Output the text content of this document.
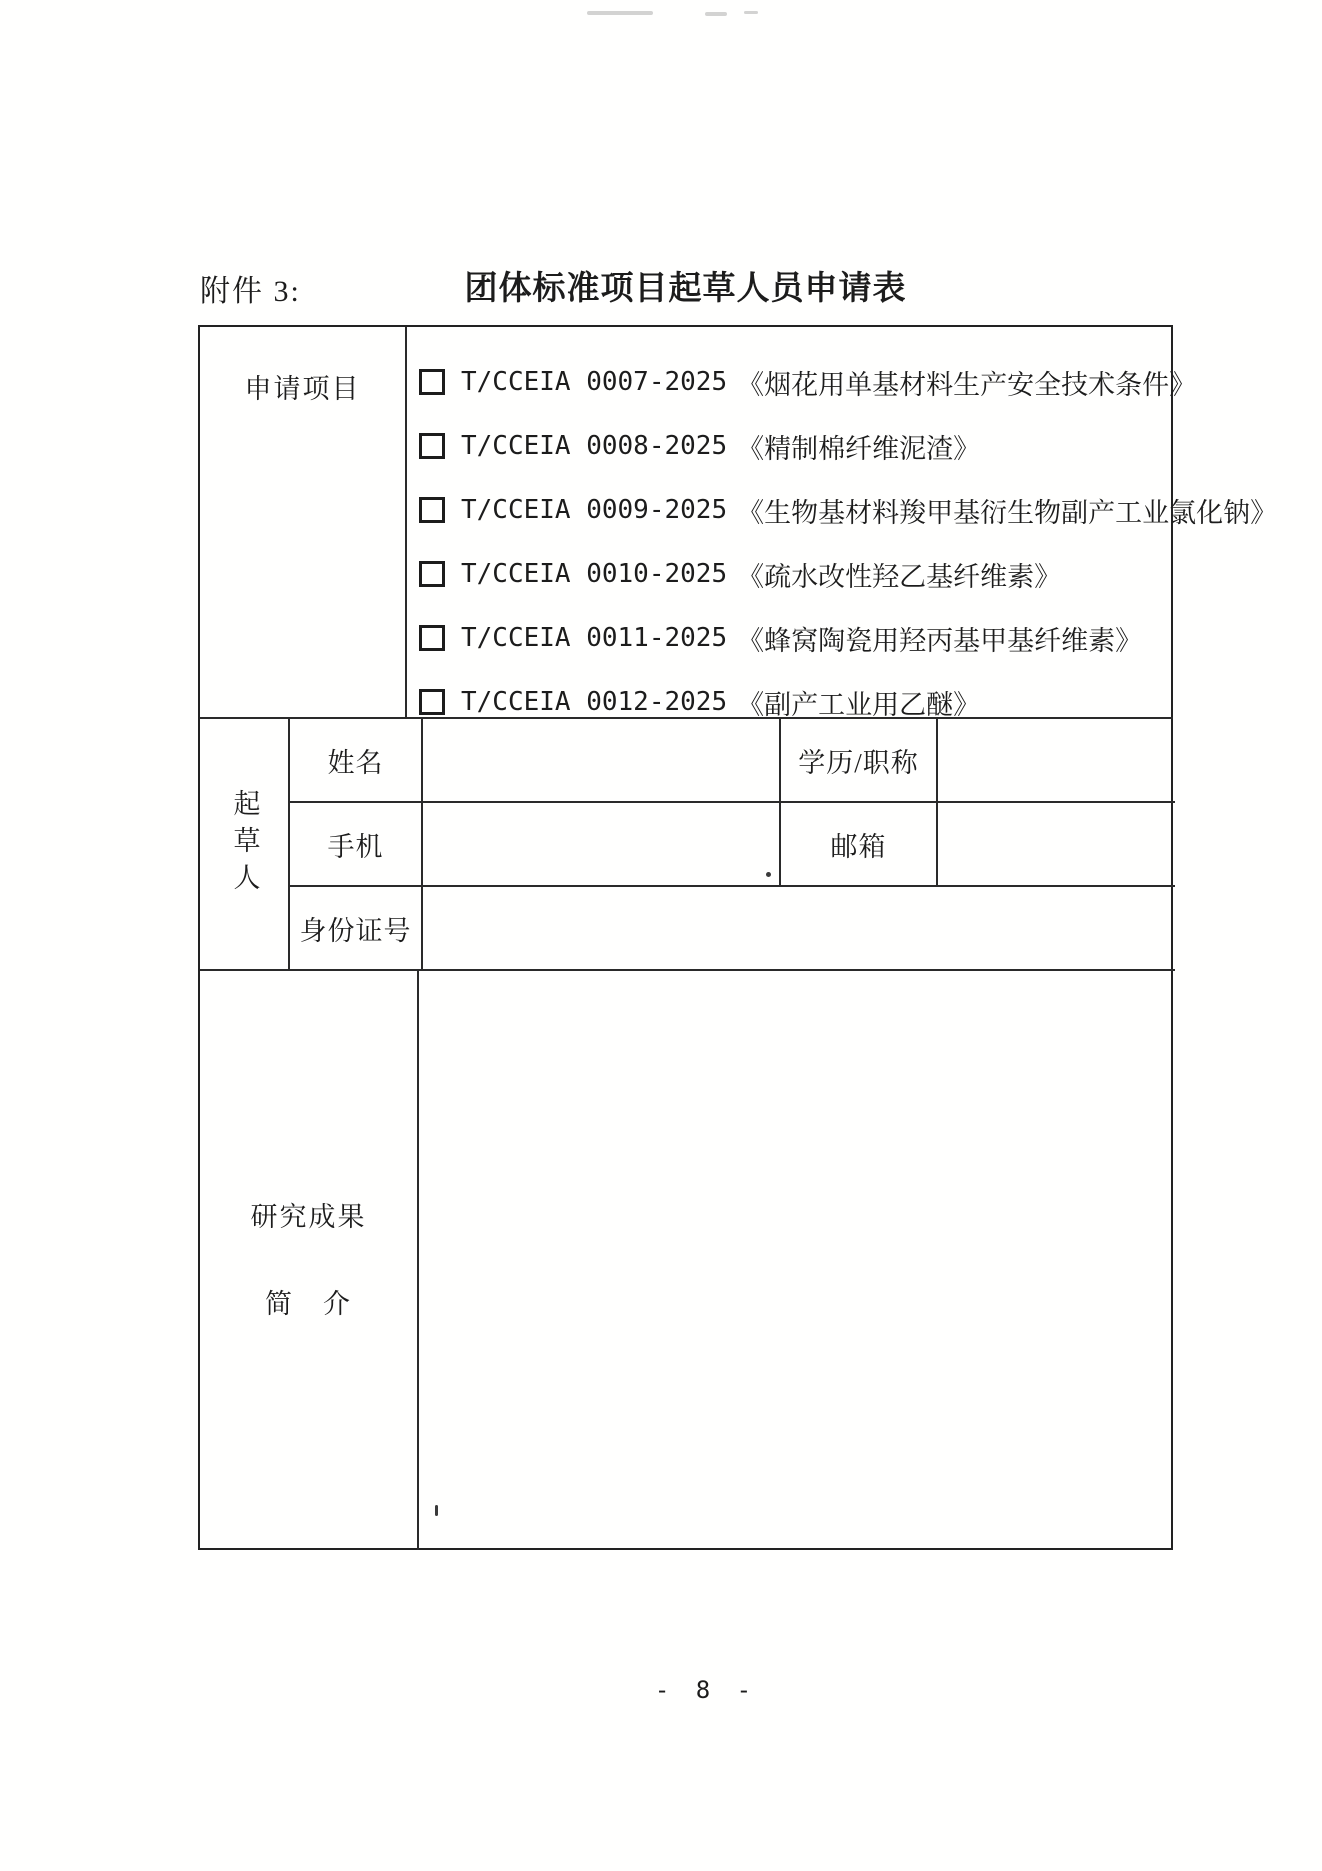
附件 3:	团体标准项目起草人员申请表
申请项目	T/CCEIA 0007-2025 《烟花用单基材料生产安全技术条件》
T/CCEIA 0008-2025 《精制棉纤维泥渣》
T/CCEIA 0009-2025 《生物基材料羧甲基衍生物副产工业氯化钠》
T/CCEIA 0010-2025 《疏水改性羟乙基纤维素》
T/CCEIA 0011-2025 《蜂窝陶瓷用羟丙基甲基纤维素》
T/CCEIA 0012-2025 《副产工业用乙醚》
起草人
姓名	学历/职称
手机	邮箱
身份证号
研究成果
简　介
- 8 -
